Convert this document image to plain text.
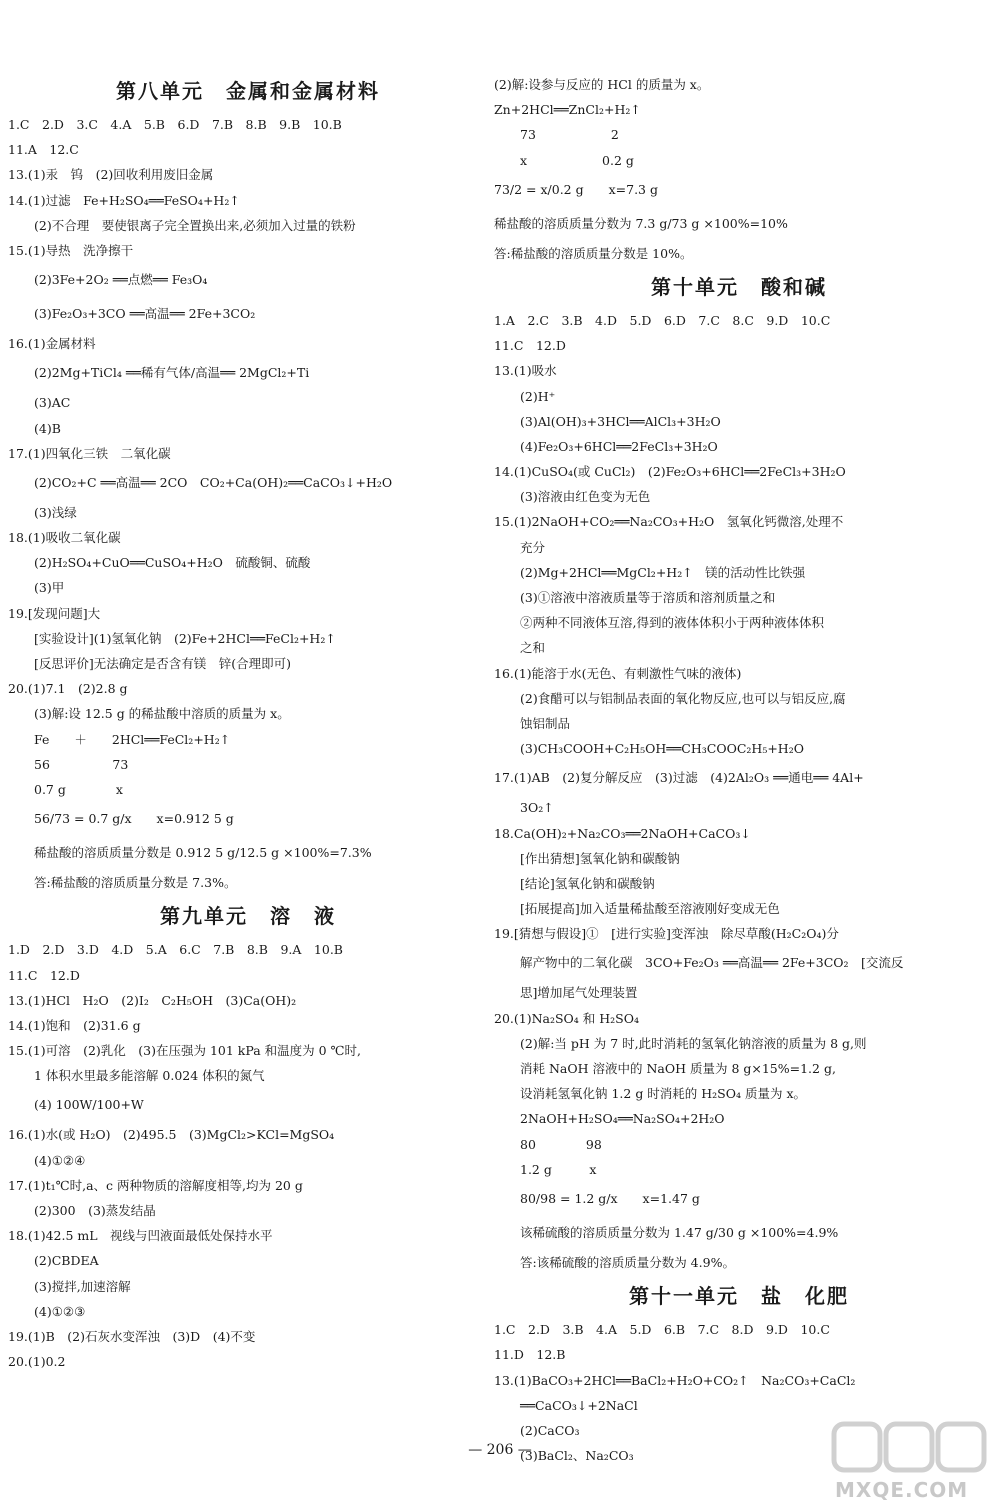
第八单元　金属和金属材料
1.C　2.D　3.C　4.A　5.B　6.D　7.B　8.B　9.B　10.B
11.A　12.C
13.(1)汞　钨　(2)回收利用废旧金属
14.(1)过滤　Fe+H₂SO₄══FeSO₄+H₂↑
(2)不合理　要使银离子完全置换出来,必须加入过量的铁粉
15.(1)导热　洗净擦干
(2)3Fe+2O₂ ══点燃══ Fe₃O₄
(3)Fe₂O₃+3CO ══高温══ 2Fe+3CO₂
16.(1)金属材料
(2)2Mg+TiCl₄ ══稀有气体/高温══ 2MgCl₂+Ti
(3)AC
(4)B
17.(1)四氧化三铁　二氧化碳
(2)CO₂+C ══高温══ 2CO　CO₂+Ca(OH)₂══CaCO₃↓+H₂O
(3)浅绿
18.(1)吸收二氧化碳
(2)H₂SO₄+CuO══CuSO₄+H₂O　硫酸铜、硫酸
(3)甲
19.[发现问题]大
[实验设计](1)氢氧化钠　(2)Fe+2HCl══FeCl₂+H₂↑
[反思评价]无法确定是否含有镁　锌(合理即可)
20.(1)7.1　(2)2.8 g
(3)解:设 12.5 g 的稀盐酸中溶质的质量为 x。
Fe　　＋　　2HCl══FeCl₂+H₂↑
56　　　　　73
0.7 g　　　　x
56/73 = 0.7 g/x　　x=0.912 5 g
稀盐酸的溶质质量分数是 0.912 5 g/12.5 g ×100%=7.3%
答:稀盐酸的溶质质量分数是 7.3%。
第九单元　溶　液
1.D　2.D　3.D　4.D　5.A　6.C　7.B　8.B　9.A　10.B
11.C　12.D
13.(1)HCl　H₂O　(2)I₂　C₂H₅OH　(3)Ca(OH)₂
14.(1)饱和　(2)31.6 g
15.(1)可溶　(2)乳化　(3)在压强为 101 kPa 和温度为 0 ℃时,
1 体积水里最多能溶解 0.024 体积的氮气
(4) 100W/100+W
16.(1)水(或 H₂O)　(2)495.5　(3)MgCl₂>KCl=MgSO₄
(4)①②④
17.(1)t₁℃时,a、c 两种物质的溶解度相等,均为 20 g
(2)300　(3)蒸发结晶
18.(1)42.5 mL　视线与凹液面最低处保持水平
(2)CBDEA
(3)搅拌,加速溶解
(4)①②③
19.(1)B　(2)石灰水变浑浊　(3)D　(4)不变
20.(1)0.2
(2)解:设参与反应的 HCl 的质量为 x。
Zn+2HCl══ZnCl₂+H₂↑
73　　　　　　2
x　　　　　　0.2 g
73/2 = x/0.2 g　　x=7.3 g
稀盐酸的溶质质量分数为 7.3 g/73 g ×100%=10%
答:稀盐酸的溶质质量分数是 10%。
第十单元　酸和碱
1.A　2.C　3.B　4.D　5.D　6.D　7.C　8.C　9.D　10.C
11.C　12.D
13.(1)吸水
(2)H⁺
(3)Al(OH)₃+3HCl══AlCl₃+3H₂O
(4)Fe₂O₃+6HCl══2FeCl₃+3H₂O
14.(1)CuSO₄(或 CuCl₂)　(2)Fe₂O₃+6HCl══2FeCl₃+3H₂O
(3)溶液由红色变为无色
15.(1)2NaOH+CO₂══Na₂CO₃+H₂O　氢氧化钙微溶,处理不
充分
(2)Mg+2HCl══MgCl₂+H₂↑　镁的活动性比铁强
(3)①溶液中溶液质量等于溶质和溶剂质量之和
②两种不同液体互溶,得到的液体体积小于两种液体体积
之和
16.(1)能溶于水(无色、有刺激性气味的液体)
(2)食醋可以与铝制品表面的氧化物反应,也可以与铝反应,腐
蚀铝制品
(3)CH₃COOH+C₂H₅OH══CH₃COOC₂H₅+H₂O
17.(1)AB　(2)复分解反应　(3)过滤　(4)2Al₂O₃ ══通电══ 4Al+
3O₂↑
18.Ca(OH)₂+Na₂CO₃══2NaOH+CaCO₃↓
[作出猜想]氢氧化钠和碳酸钠
[结论]氢氧化钠和碳酸钠
[拓展提高]加入适量稀盐酸至溶液刚好变成无色
19.[猜想与假设]①　[进行实验]变浑浊　除尽草酸(H₂C₂O₄)分
解产物中的二氧化碳　3CO+Fe₂O₃ ══高温══ 2Fe+3CO₂　[交流反
思]增加尾气处理装置
20.(1)Na₂SO₄ 和 H₂SO₄
(2)解:当 pH 为 7 时,此时消耗的氢氧化钠溶液的质量为 8 g,则
消耗 NaOH 溶液中的 NaOH 质量为 8 g×15%=1.2 g,
设消耗氢氧化钠 1.2 g 时消耗的 H₂SO₄ 质量为 x。
2NaOH+H₂SO₄══Na₂SO₄+2H₂O
80　　　　98
1.2 g　　　x
80/98 = 1.2 g/x　　x=1.47 g
该稀硫酸的溶质质量分数为 1.47 g/30 g ×100%=4.9%
答:该稀硫酸的溶质质量分数为 4.9%。
第十一单元　盐　化肥
1.C　2.D　3.B　4.A　5.D　6.B　7.C　8.D　9.D　10.C
11.D　12.B
13.(1)BaCO₃+2HCl══BaCl₂+H₂O+CO₂↑　Na₂CO₃+CaCl₂
══CaCO₃↓+2NaCl
(2)CaCO₃
(3)BaCl₂、Na₂CO₃
— 206 —
MXQE.COM
